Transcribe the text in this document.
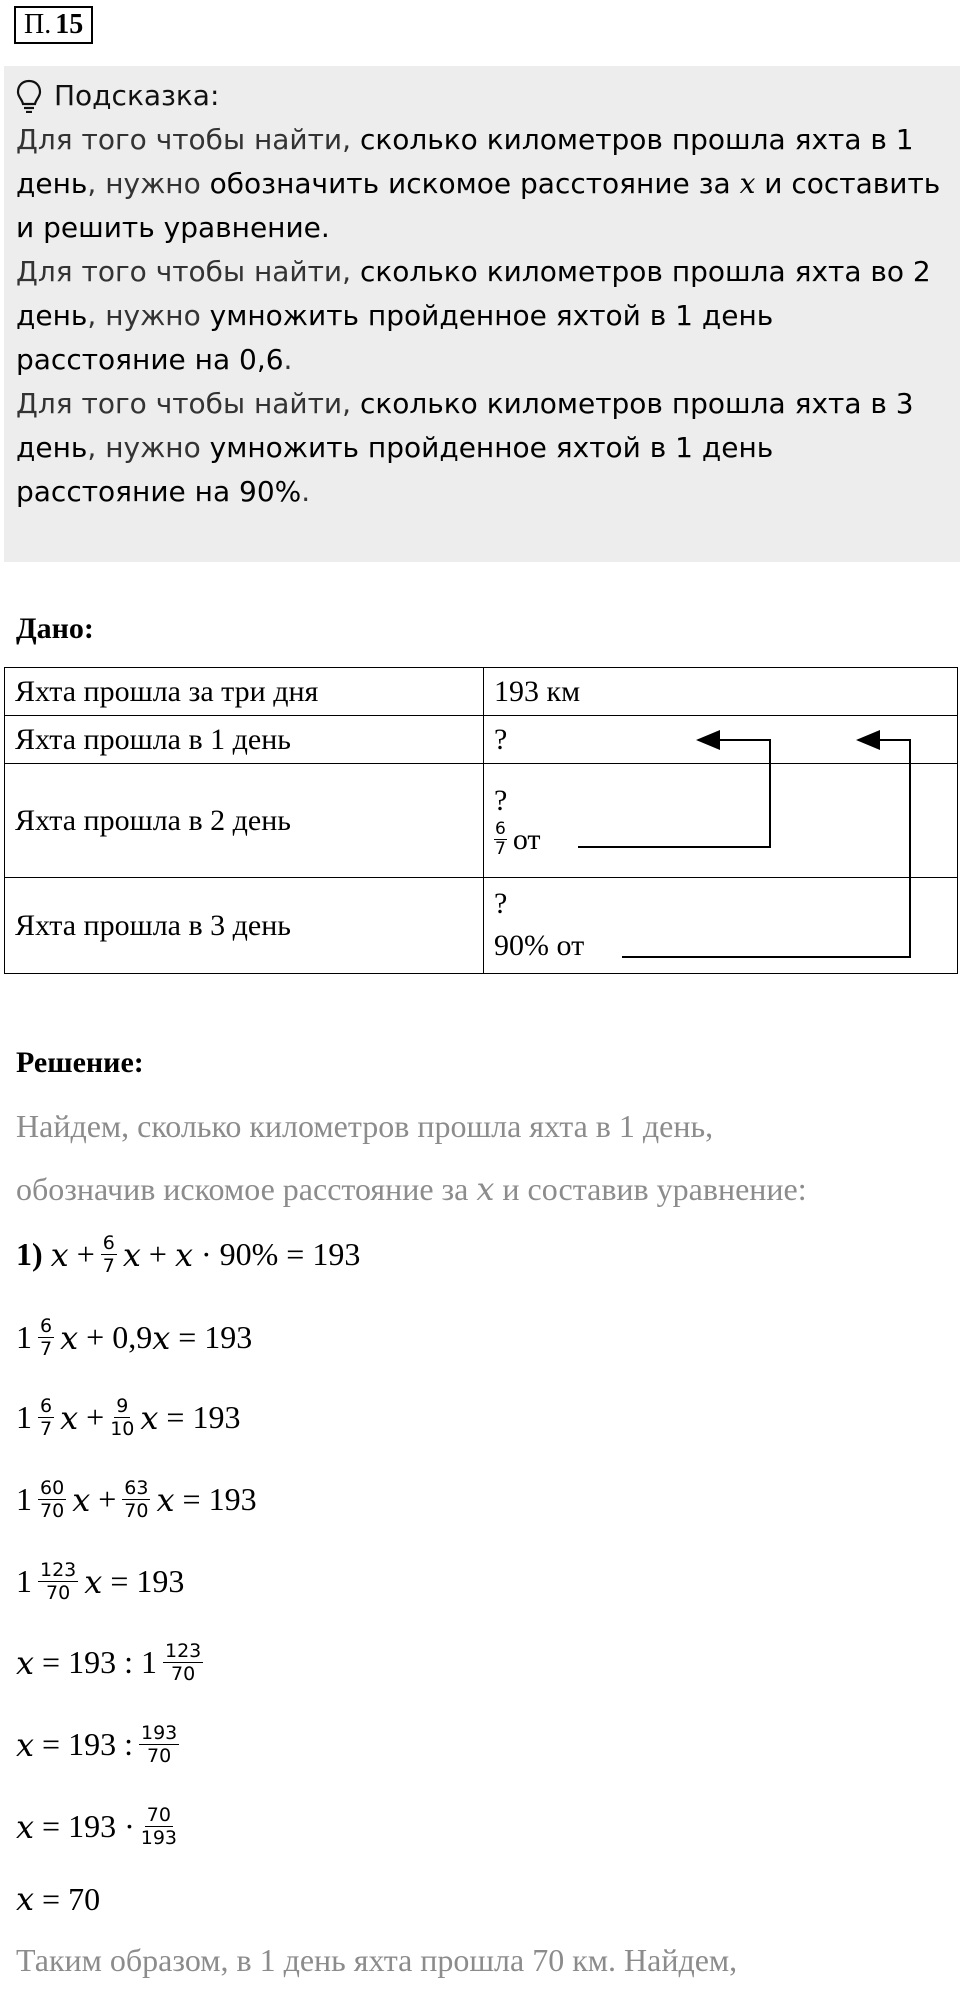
П. 15
Подсказка:

Для того чтобы найти, сколько километров прошла яхта в 1 день, нужно обозначить искомое расстояние за x и составить и решить уравнение.

Для того чтобы найти, сколько километров прошла яхта во 2 день, нужно умножить пройденное яхтой в 1 день расстояние на 0,6.

Для того чтобы найти, сколько километров прошла яхта в 3 день, нужно умножить пройденное яхтой в 1 день расстояние на 90%.

Дано:
Яхта прошла за три дня	193 км
Яхта прошла в 1 день	?
Яхта прошла в 2 день	?
$\frac{6}{7}$ от

Яхта прошла в 3 день	?
90% от
Решение:
Найдем, сколько километров прошла яхта в 1 день,
обозначив искомое расстояние за x и составив уравнение:
1) $x + \frac{6}{7}$ x + x · 90% = 193
1 6
7 x + 0,9 x = 193
1 6
7 $x + \frac{9}{10}$ x = 193
1 60
70 $x + \frac{63}{70}$ x = 193
1 123
70 x = 193
x = 193 : 1 123
70
x = 193 : 193
70
x = 193 · 70
193
x = 70
Таким образом, в 1 день яхта прошла 70 км. Найдем,
